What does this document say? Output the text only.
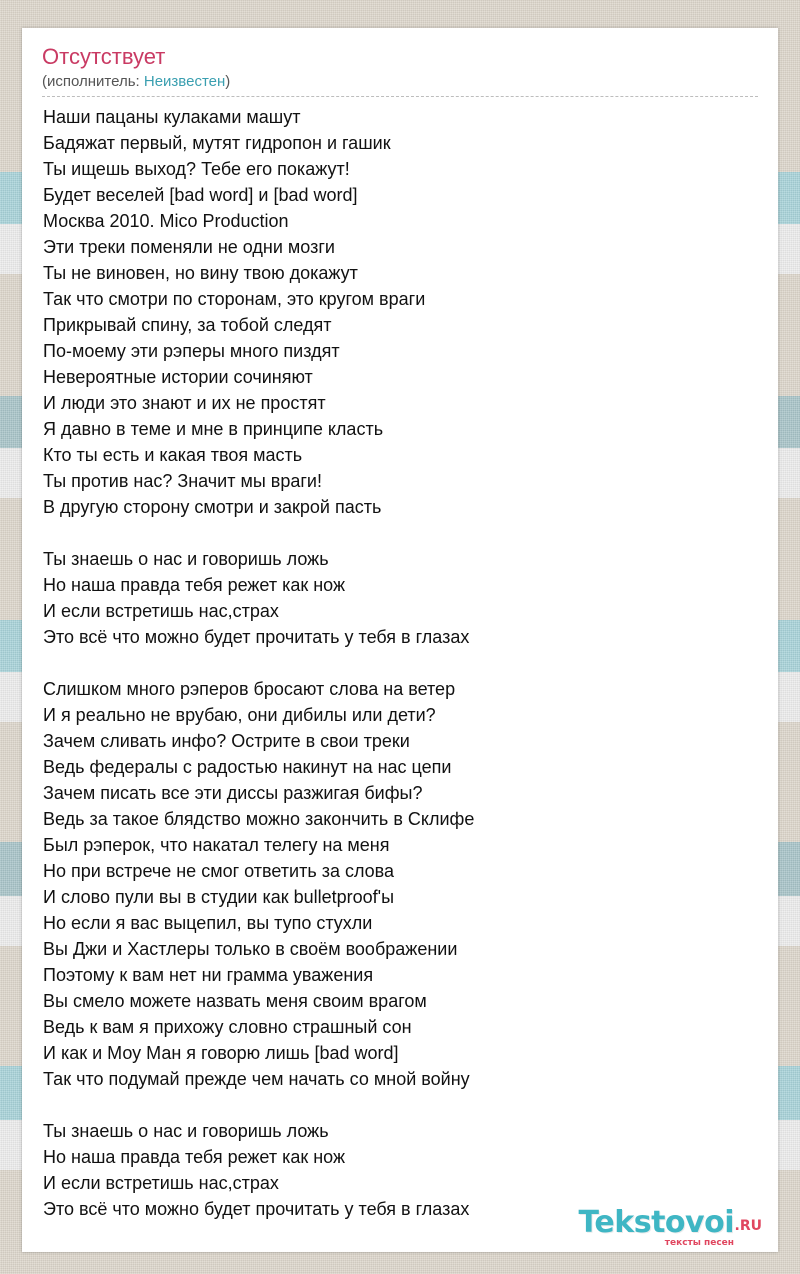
Отсутствует
(исполнитель: Неизвестен)
Наши пацаны кулаками машут
Бадяжат первый, мутят гидропон и гашик
Ты ищешь выход? Тебе его покажут!
Будет веселей [bad word] и [bad word]
Москва 2010. Mico Production
Эти треки поменяли не одни мозги
Ты не виновен, но вину твою докажут
Так что смотри по сторонам, это кругом враги
Прикрывай спину, за тобой следят
По-моему эти рэперы много пиздят
Невероятные истории сочиняют
И люди это знают и их не простят
Я давно в теме и мне в принципе класть
Кто ты есть и какая твоя масть
Ты против нас? Значит мы враги!
В другую сторону смотри и закрой пасть
Ты знаешь о нас и говоришь ложь
Но наша правда тебя режет как нож
И если встретишь нас,страх
Это всё что можно будет прочитать у тебя в глазах
Слишком много рэперов бросают слова на ветер
И я реально не врубаю, они дибилы или дети?
Зачем сливать инфо? Острите в свои треки
Ведь федералы с радостью накинут на нас цепи
Зачем писать все эти диссы разжигая бифы?
Ведь за такое блядство можно закончить в Склифе
Был рэперок, что накатал телегу на меня
Но при встрече не смог ответить за слова
И слово пули вы в студии как bulletproof'ы
Но если я вас выцепил, вы тупо стухли
Вы Джи и Хастлеры только в своём воображении
Поэтому к вам нет ни грамма уважения
Вы смело можете назвать меня своим врагом
Ведь к вам я прихожу словно страшный сон
И как и Моу Ман я говорю лишь [bad word]
Так что подумай прежде чем начать со мной войну
Ты знаешь о нас и говоришь ложь
Но наша правда тебя режет как нож
И если встретишь нас,страх
Это всё что можно будет прочитать у тебя в глазах	Tekstovoi .RU
тексты песен
